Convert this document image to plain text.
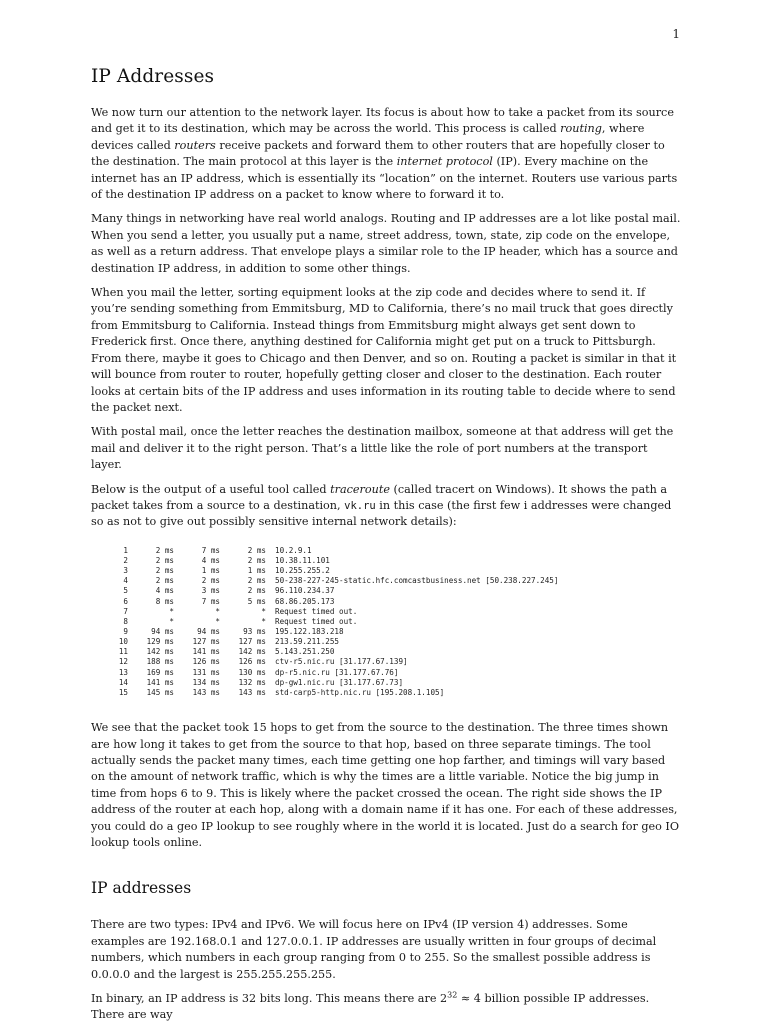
1
IP Addresses

We now turn our attention to the network layer. Its focus is about how to take a packet from its source and get it to its destination, which may be across the world. This process is called routing, where devices called routers receive packets and forward them to other routers that are hopefully closer to the destination. The main protocol at this layer is the internet protocol (IP). Every machine on the internet has an IP address, which is essentially its “location” on the internet. Routers use various parts of the destination IP address on a packet to know where to forward it to.

Many things in networking have real world analogs. Routing and IP addresses are a lot like postal mail. When you send a letter, you usually put a name, street address, town, state, zip code on the envelope, as well as a return address. That envelope plays a similar role to the IP header, which has a source and destination IP address, in addition to some other things.

When you mail the letter, sorting equipment looks at the zip code and decides where to send it. If you’re sending something from Emmitsburg, MD to California, there’s no mail truck that goes directly from Emmitsburg to California. Instead things from Emmitsburg might always get sent down to Frederick first. Once there, anything destined for California might get put on a truck to Pittsburgh. From there, maybe it goes to Chicago and then Denver, and so on. Routing a packet is similar in that it will bounce from router to router, hopefully getting closer and closer to the destination. Each router looks at certain bits of the IP address and uses information in its routing table to decide where to send the packet next.

With postal mail, once the letter reaches the destination mailbox, someone at that address will get the mail and deliver it to the right person. That’s a little like the role of port numbers at the transport layer.

Below is the output of a useful tool called traceroute (called tracert on Windows). It shows the path a packet takes from a source to a destination, vk.ru in this case (the first few i addresses were changed so as not to give out possibly sensitive internal network details):

1	2 ms	7 ms	2 ms	10.2.9.1
2	2 ms	4 ms	2 ms	10.38.11.101
3	2 ms	1 ms	1 ms	10.255.255.2
4	2 ms	2 ms	2 ms	50-238-227-245-static.hfc.comcastbusiness.net [50.238.227.245]
5	4 ms	3 ms	2 ms	96.110.234.37
6	8 ms	7 ms	5 ms	68.86.205.173
7	*	*	*	Request timed out.
8	*	*	*	Request timed out.
9	94 ms	94 ms	93 ms	195.122.183.218
10	129 ms	127 ms	127 ms	213.59.211.255
11	142 ms	141 ms	142 ms	5.143.251.250
12	188 ms	126 ms	126 ms	ctv-r5.nic.ru [31.177.67.139]
13	169 ms	131 ms	130 ms	dp-r5.nic.ru [31.177.67.76]
14	141 ms	134 ms	132 ms	dp-gw1.nic.ru [31.177.67.73]
15	145 ms	143 ms	143 ms	std-carp5-http.nic.ru [195.208.1.105]

We see that the packet took 15 hops to get from the source to the destination. The three times shown are how long it takes to get from the source to that hop, based on three separate timings. The tool actually sends the packet many times, each time getting one hop farther, and timings will vary based on the amount of network traffic, which is why the times are a little variable. Notice the big jump in time from hops 6 to 9. This is likely where the packet crossed the ocean. The right side shows the IP address of the router at each hop, along with a domain name if it has one. For each of these addresses, you could do a geo IP lookup to see roughly where in the world it is located. Just do a search for geo IO lookup tools online.

IP addresses

There are two types: IPv4 and IPv6. We will focus here on IPv4 (IP version 4) addresses. Some examples are 192.168.0.1 and 127.0.0.1. IP addresses are usually written in four groups of decimal numbers, which numbers in each group ranging from 0 to 255. So the smallest possible address is 0.0.0.0 and the largest is 255.255.255.255.

In binary, an IP address is 32 bits long. This means there are $2^{32} \approx 4$ billion possible IP addresses. There are way
